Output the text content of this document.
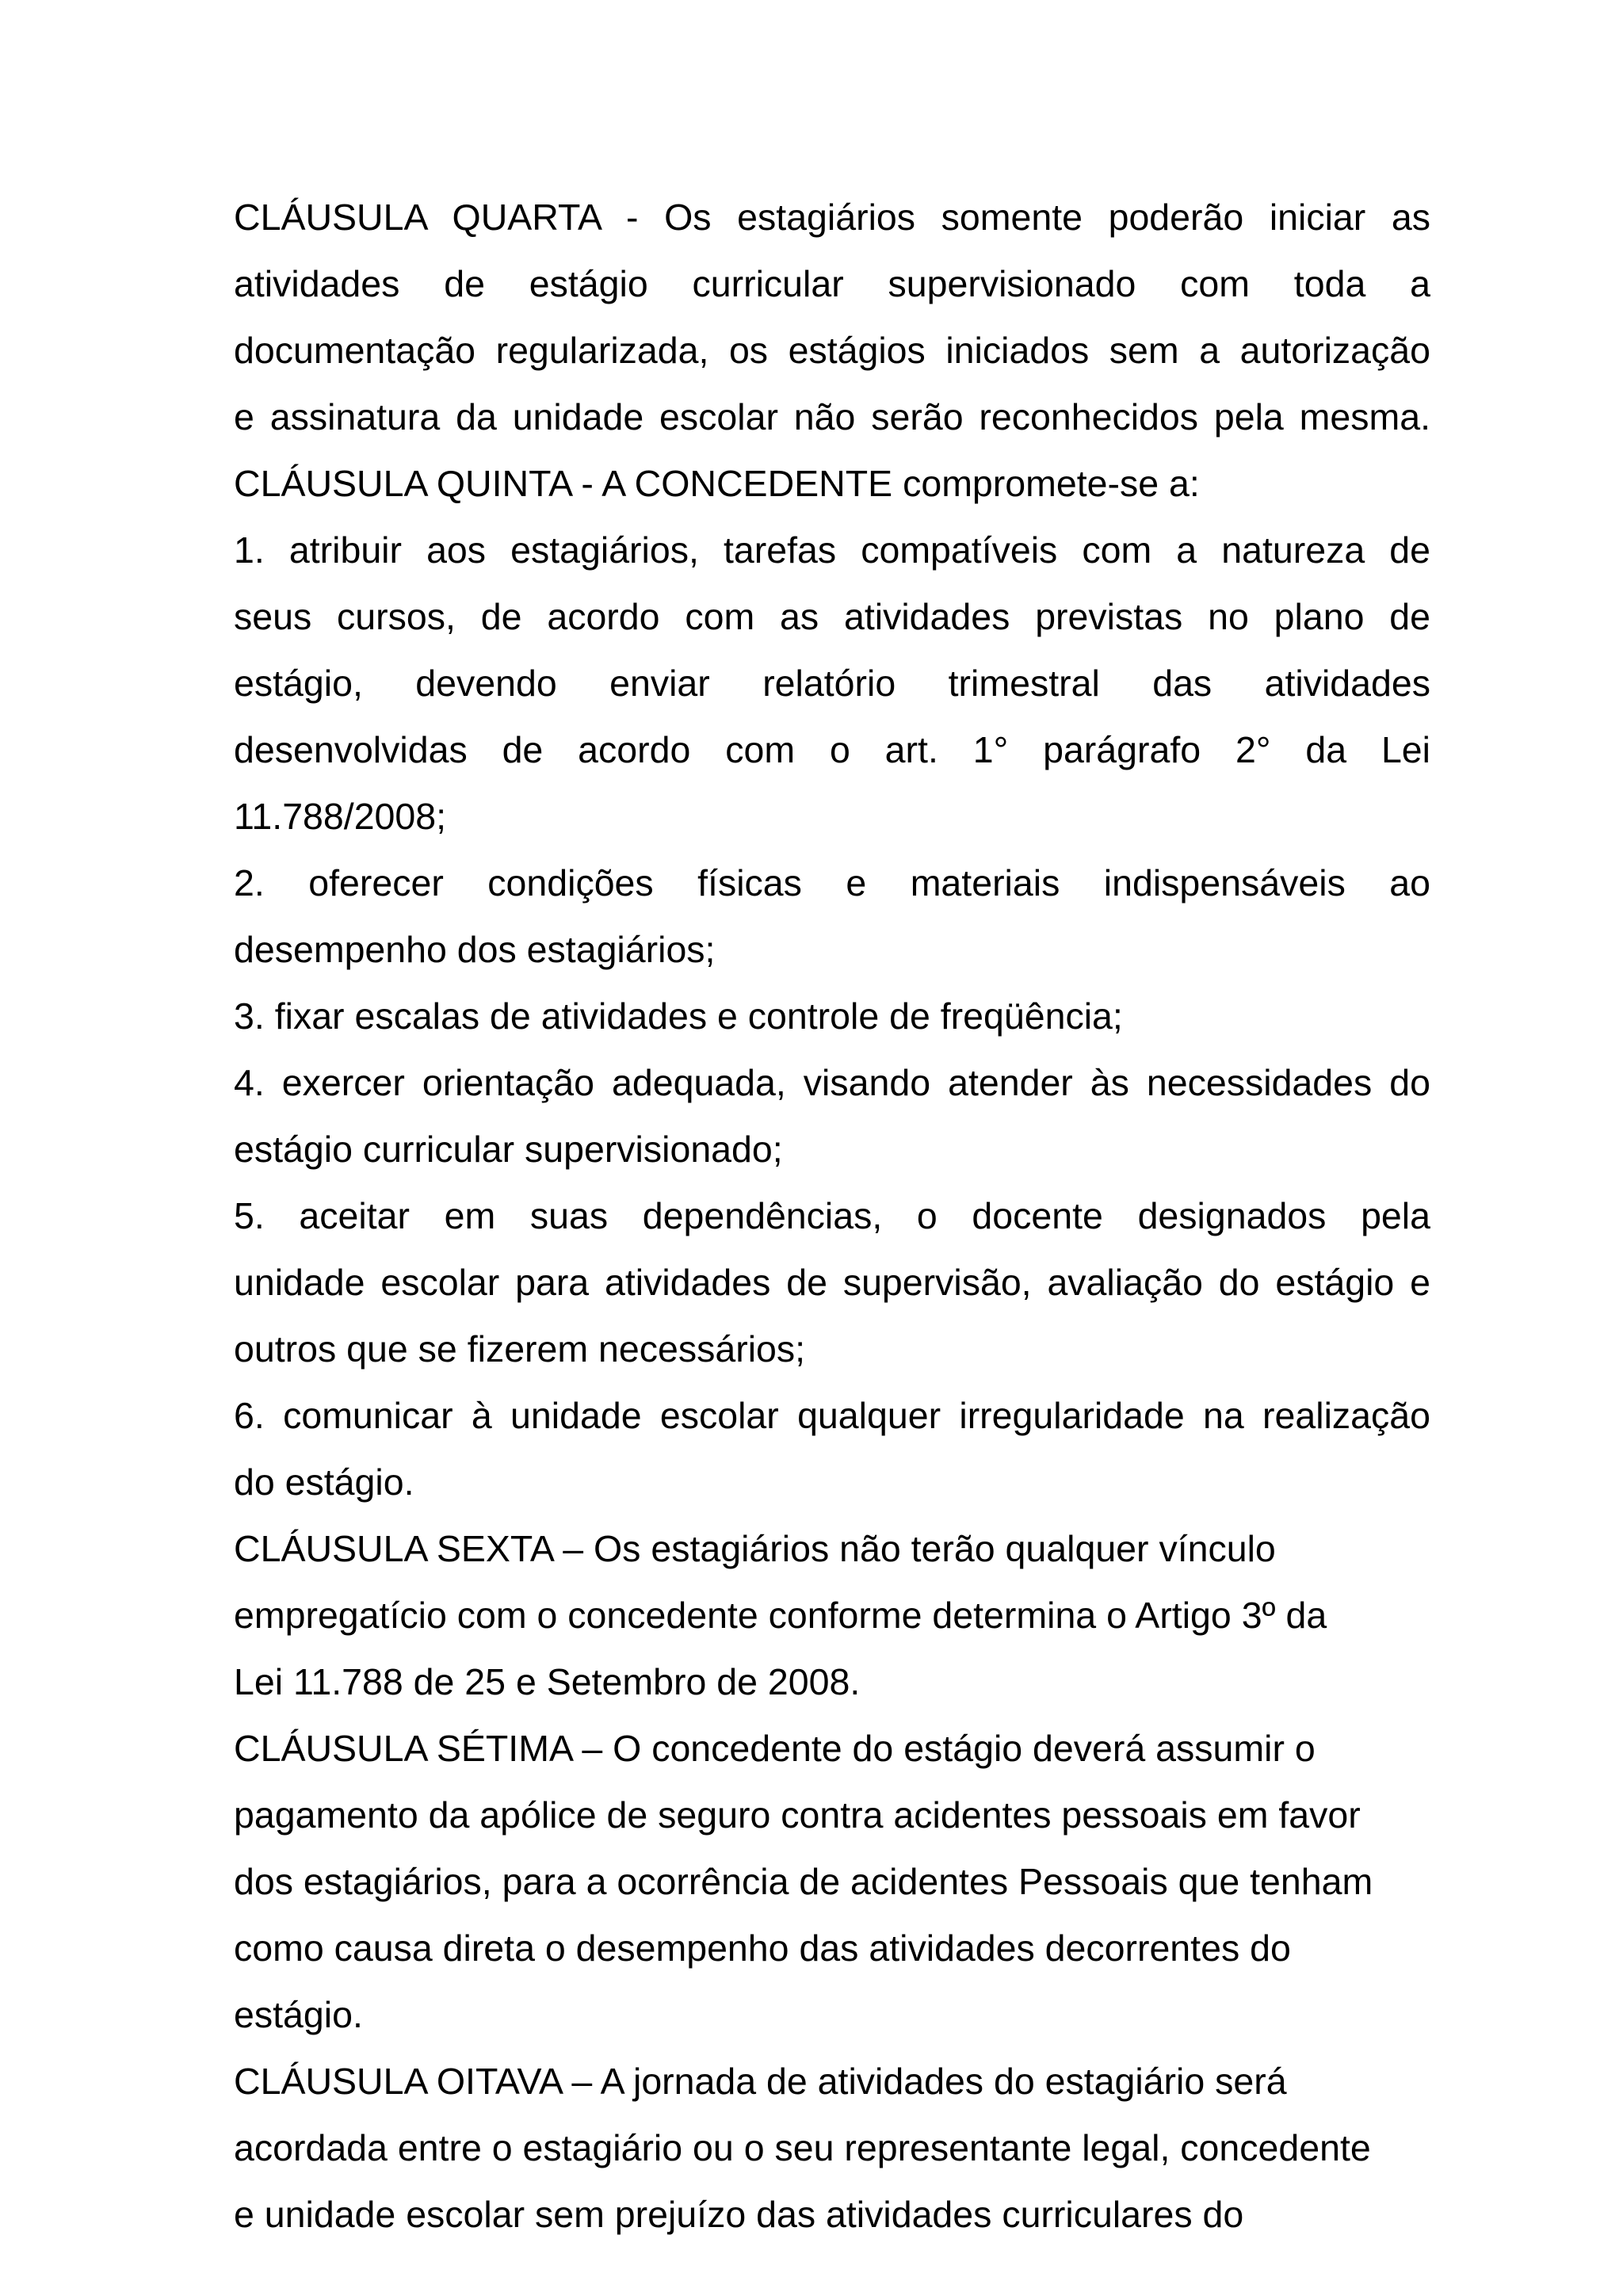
CLÁUSULA QUARTA - Os estagiários somente poderão iniciar as
atividades de estágio curricular supervisionado com toda a
documentação regularizada, os estágios iniciados sem a autorização
e assinatura da unidade escolar não serão reconhecidos pela mesma.
CLÁUSULA QUINTA - A CONCEDENTE compromete-se a:
1. atribuir aos estagiários, tarefas compatíveis com a natureza de
seus cursos, de acordo com as atividades previstas no plano de
estágio, devendo enviar relatório trimestral das atividades
desenvolvidas de acordo com o art. 1° parágrafo 2° da Lei
11.788/2008;
2. oferecer condições físicas e materiais indispensáveis ao
desempenho dos estagiários;
3. fixar escalas de atividades e controle de freqüência;
4. exercer orientação adequada, visando atender às necessidades do
estágio curricular supervisionado;
5. aceitar em suas dependências, o docente designados pela
unidade escolar para atividades de supervisão, avaliação do estágio e
outros que se fizerem necessários;
6. comunicar à unidade escolar qualquer irregularidade na realização
do estágio.
CLÁUSULA SEXTA – Os estagiários não terão qualquer vínculo
empregatício com o concedente conforme determina o Artigo 3º da
Lei 11.788 de 25 e Setembro de 2008.
CLÁUSULA SÉTIMA – O concedente do estágio deverá assumir o
pagamento da apólice de seguro contra acidentes pessoais em favor
dos estagiários, para a ocorrência de acidentes Pessoais que tenham
como causa direta o desempenho das atividades decorrentes do
estágio.
CLÁUSULA OITAVA – A jornada de atividades do estagiário será
acordada entre o estagiário ou o seu representante legal, concedente
e unidade escolar sem prejuízo das atividades curriculares do
